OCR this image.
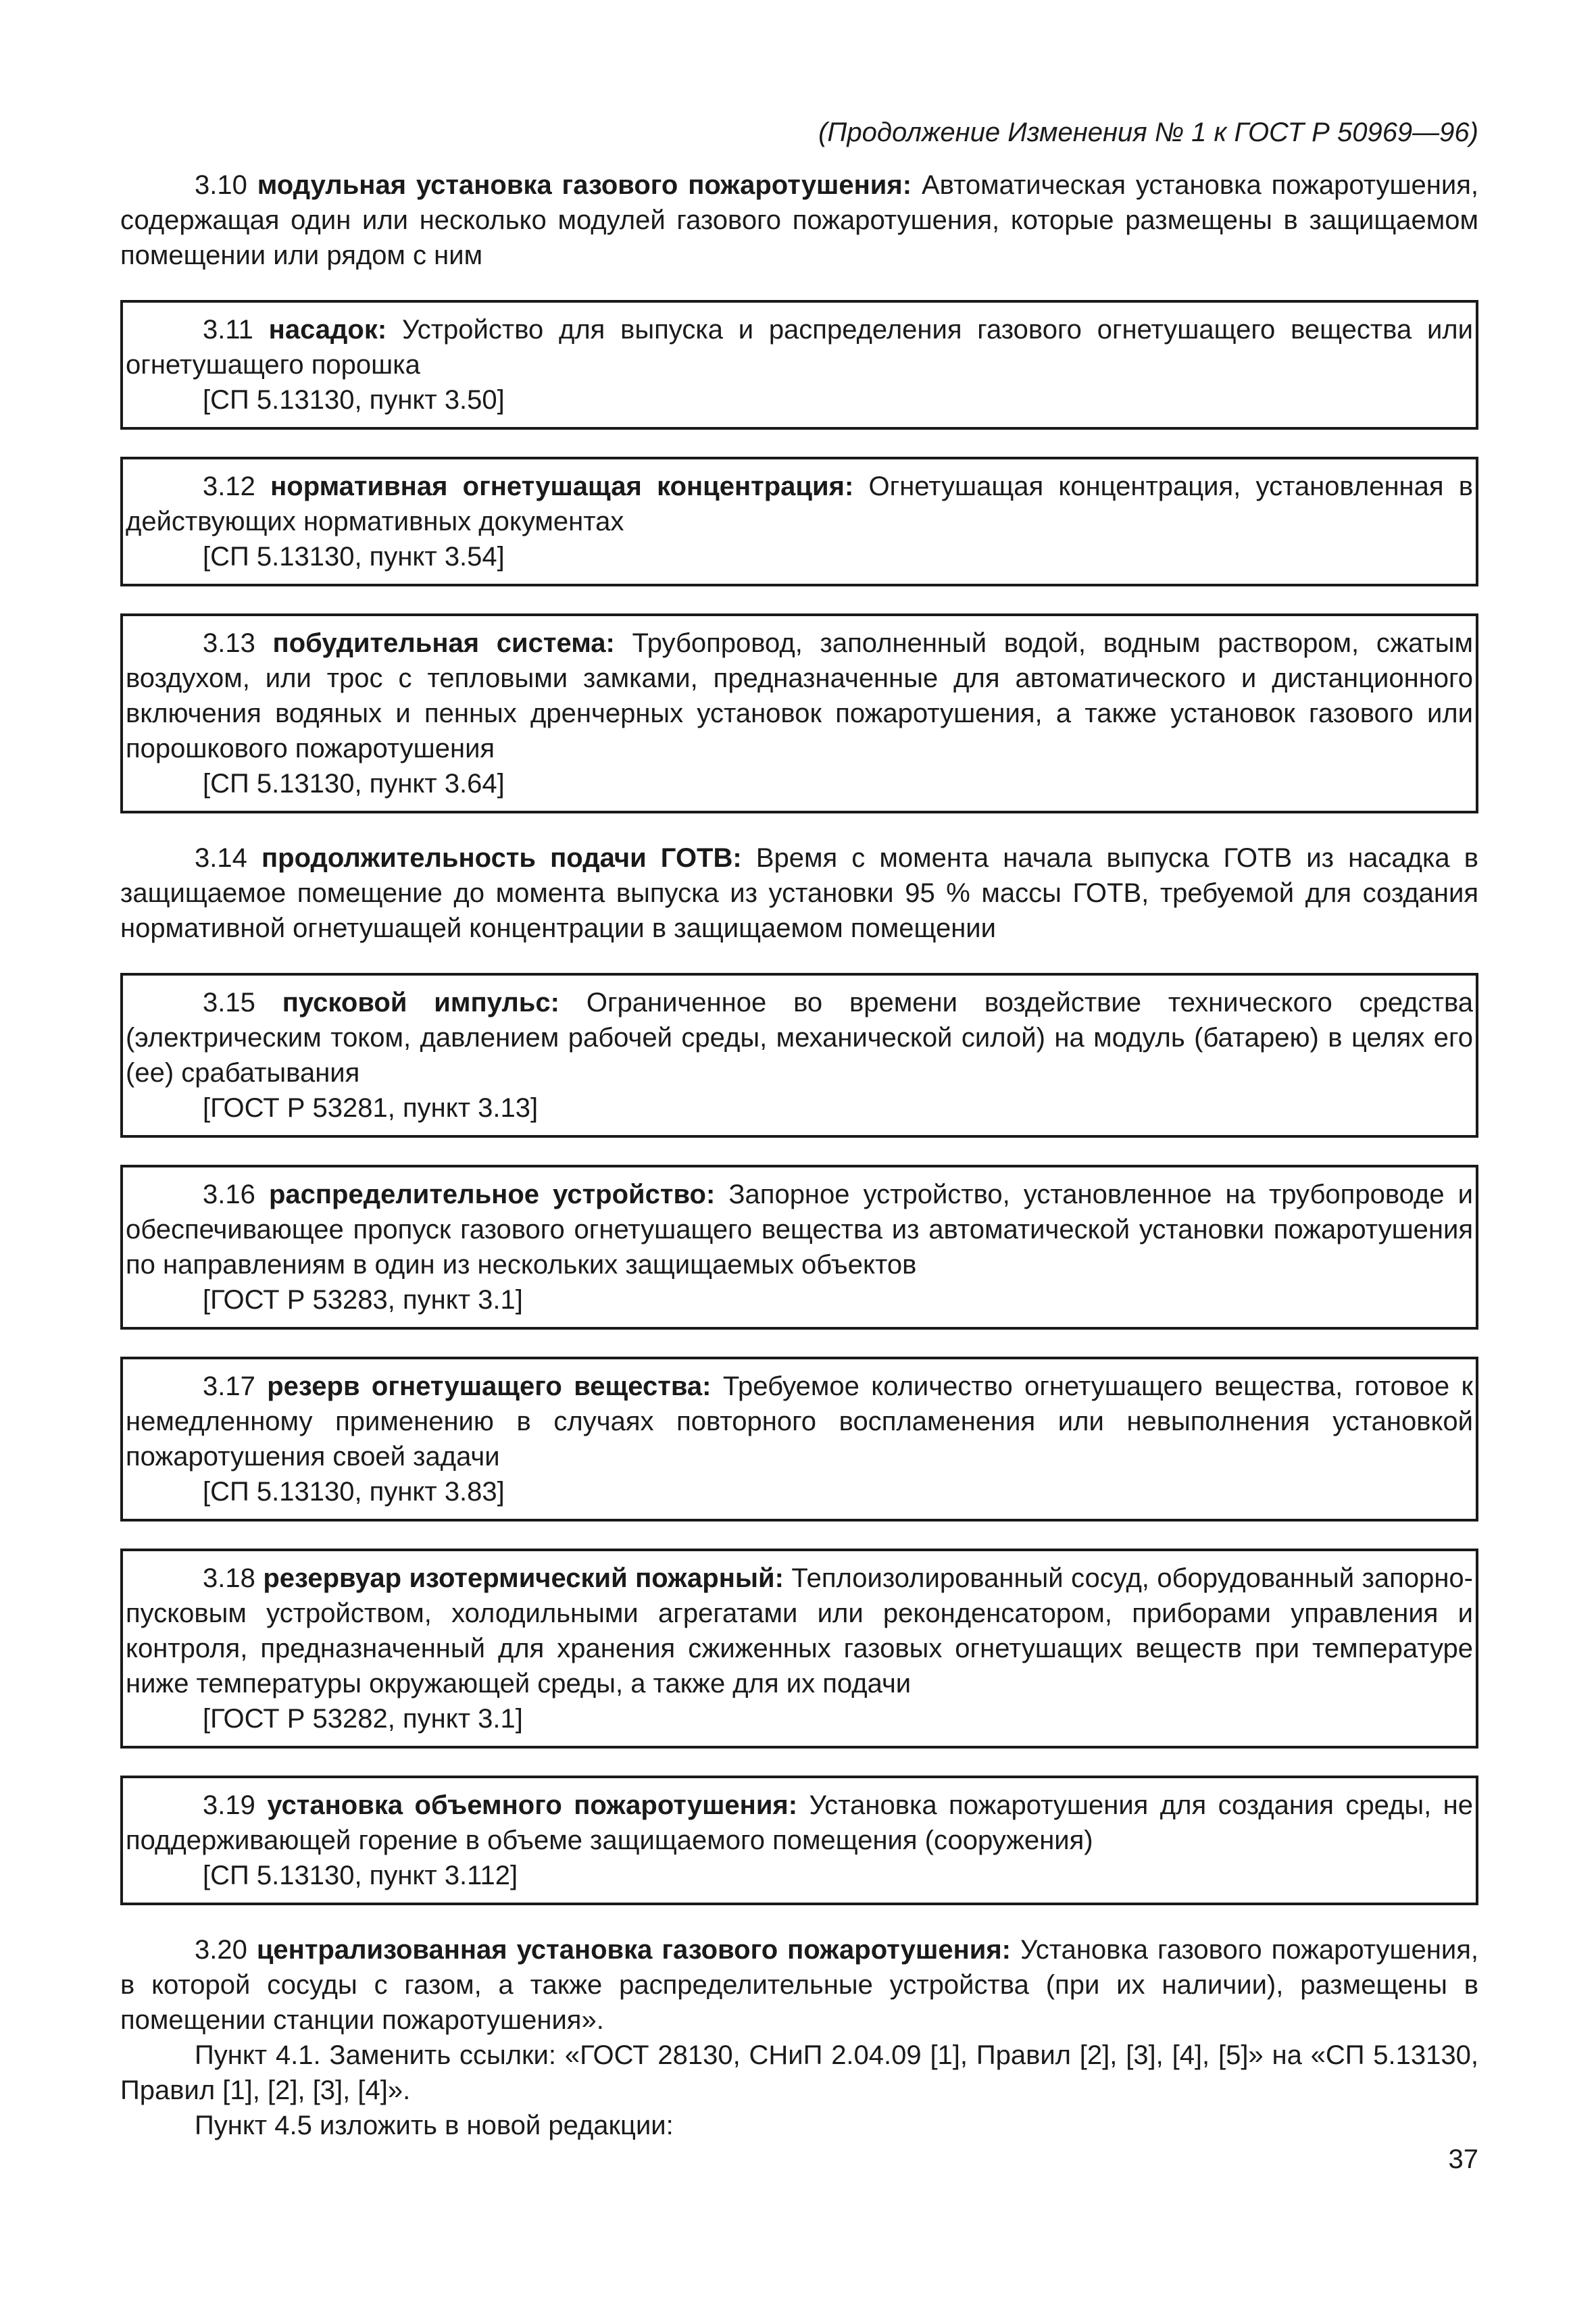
(Продолжение Изменения № 1 к ГОСТ Р 50969—96)

3.10 модульная установка газового пожаротушения: Автоматическая установка пожаротушения, содержащая один или несколько модулей газового пожаротушения, которые размещены в защищаемом помещении или рядом с ним

3.11 насадок: Устройство для выпуска и распределения газового огнетушащего вещества или огнетушащего порошка

[СП 5.13130, пункт 3.50]

3.12 нормативная огнетушащая концентрация: Огнетушащая концентрация, установленная в действующих нормативных документах

[СП 5.13130, пункт 3.54]

3.13 побудительная система: Трубопровод, заполненный водой, водным раствором, сжатым воздухом, или трос с тепловыми замками, предназначенные для автоматического и дистанционного включения водяных и пенных дренчерных установок пожаротушения, а также установок газового или порошкового пожаротушения

[СП 5.13130, пункт 3.64]

3.14 продолжительность подачи ГОТВ: Время с момента начала выпуска ГОТВ из насадка в защищаемое помещение до момента выпуска из установки 95 % массы ГОТВ, требуемой для создания нормативной огнетушащей концентрации в защищаемом помещении

3.15 пусковой импульс: Ограниченное во времени воздействие технического средства (электрическим током, давлением рабочей среды, механической силой) на модуль (батарею) в целях его (ее) срабатывания

[ГОСТ Р 53281, пункт 3.13]

3.16 распределительное устройство: Запорное устройство, установленное на трубопроводе и обеспечивающее пропуск газового огнетушащего вещества из автоматической установки пожаротушения по направлениям в один из нескольких защищаемых объектов

[ГОСТ Р 53283, пункт 3.1]

3.17 резерв огнетушащего вещества: Требуемое количество огнетушащего вещества, готовое к немедленному применению в случаях повторного воспламенения или невыполнения установкой пожаротушения своей задачи

[СП 5.13130, пункт 3.83]

3.18 резервуар изотермический пожарный: Теплоизолированный сосуд, оборудованный запорно-пусковым устройством, холодильными агрегатами или реконденсатором, приборами управления и контроля, предназначенный для хранения сжиженных газовых огнетушащих веществ при температуре ниже температуры окружающей среды, а также для их подачи

[ГОСТ Р 53282, пункт 3.1]

3.19 установка объемного пожаротушения: Установка пожаротушения для создания среды, не поддерживающей горение в объеме защищаемого помещения (сооружения)

[СП 5.13130, пункт 3.112]

3.20 централизованная установка газового пожаротушения: Установка газового пожаротушения, в которой сосуды с газом, а также распределительные устройства (при их наличии), размещены в помещении станции пожаротушения».

Пункт 4.1. Заменить ссылки: «ГОСТ 28130, СНиП 2.04.09 [1], Правил [2], [3], [4], [5]» на «СП 5.13130, Правил [1], [2], [3], [4]».

Пункт 4.5 изложить в новой редакции:

37
